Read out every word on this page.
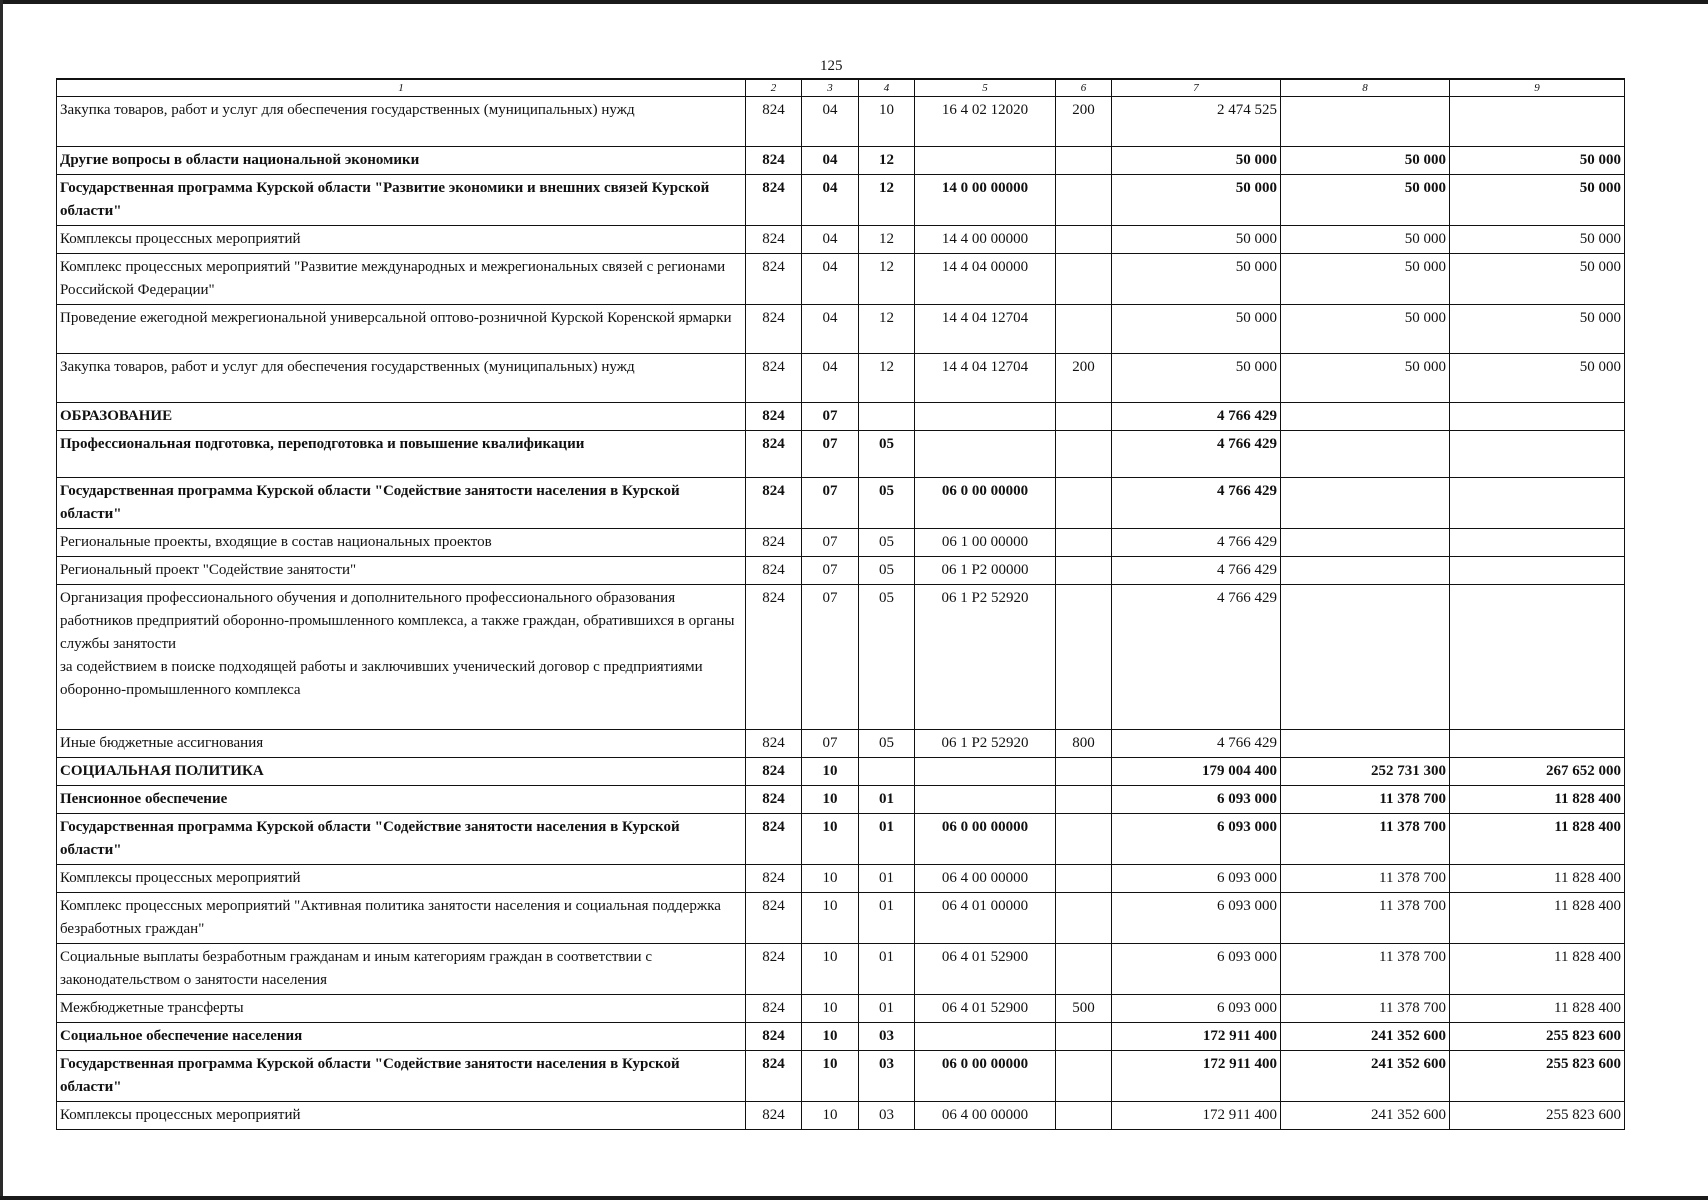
125
1	2	3	4	5	6	7	8	9
Закупка товаров, работ и услуг для обеспечения государственных (муниципальных) нужд	824	04	10	16 4 02 12020	200	2 474 525		
Другие вопросы в области национальной экономики	824	04	12			50 000	50 000	50 000
Государственная программа Курской области "Развитие экономики и внешних связей Курской области"	824	04	12	14 0 00 00000		50 000	50 000	50 000
Комплексы процессных мероприятий	824	04	12	14 4 00 00000		50 000	50 000	50 000
Комплекс процессных мероприятий "Развитие международных и межрегиональных связей с регионами Российской Федерации"	824	04	12	14 4 04 00000		50 000	50 000	50 000
Проведение ежегодной межрегиональной универсальной оптово-розничной Курской Коренской ярмарки	824	04	12	14 4 04 12704		50 000	50 000	50 000
Закупка товаров, работ и услуг для обеспечения государственных (муниципальных) нужд	824	04	12	14 4 04 12704	200	50 000	50 000	50 000
ОБРАЗОВАНИЕ	824	07				4 766 429		
Профессиональная подготовка, переподготовка и повышение квалификации	824	07	05			4 766 429		
Государственная программа Курской области "Содействие занятости населения в Курской области"	824	07	05	06 0 00 00000		4 766 429		
Региональные проекты, входящие в состав национальных проектов	824	07	05	06 1 00 00000		4 766 429		
Региональный проект "Содействие занятости"	824	07	05	06 1 P2 00000		4 766 429		
Организация профессионального обучения и дополнительного профессионального образования работников предприятий оборонно-промышленного комплекса, а также граждан, обратившихся в органы службы занятости
за содействием в поиске подходящей работы и заключивших ученический договор с предприятиями оборонно-промышленного комплекса	824	07	05	06 1 P2 52920		4 766 429		
Иные бюджетные ассигнования	824	07	05	06 1 P2 52920	800	4 766 429		
СОЦИАЛЬНАЯ ПОЛИТИКА	824	10				179 004 400	252 731 300	267 652 000
Пенсионное обеспечение	824	10	01			6 093 000	11 378 700	11 828 400
Государственная программа Курской области "Содействие занятости населения в Курской области"	824	10	01	06 0 00 00000		6 093 000	11 378 700	11 828 400
Комплексы процессных мероприятий	824	10	01	06 4 00 00000		6 093 000	11 378 700	11 828 400
Комплекс процессных мероприятий "Активная политика занятости населения и социальная поддержка безработных граждан"	824	10	01	06 4 01 00000		6 093 000	11 378 700	11 828 400
Социальные выплаты безработным гражданам и иным категориям граждан в соответствии с законодательством о занятости населения	824	10	01	06 4 01 52900		6 093 000	11 378 700	11 828 400
Межбюджетные трансферты	824	10	01	06 4 01 52900	500	6 093 000	11 378 700	11 828 400
Социальное обеспечение населения	824	10	03			172 911 400	241 352 600	255 823 600
Государственная программа Курской области "Содействие занятости населения в Курской области"	824	10	03	06 0 00 00000		172 911 400	241 352 600	255 823 600
Комплексы процессных мероприятий	824	10	03	06 4 00 00000		172 911 400	241 352 600	255 823 600
